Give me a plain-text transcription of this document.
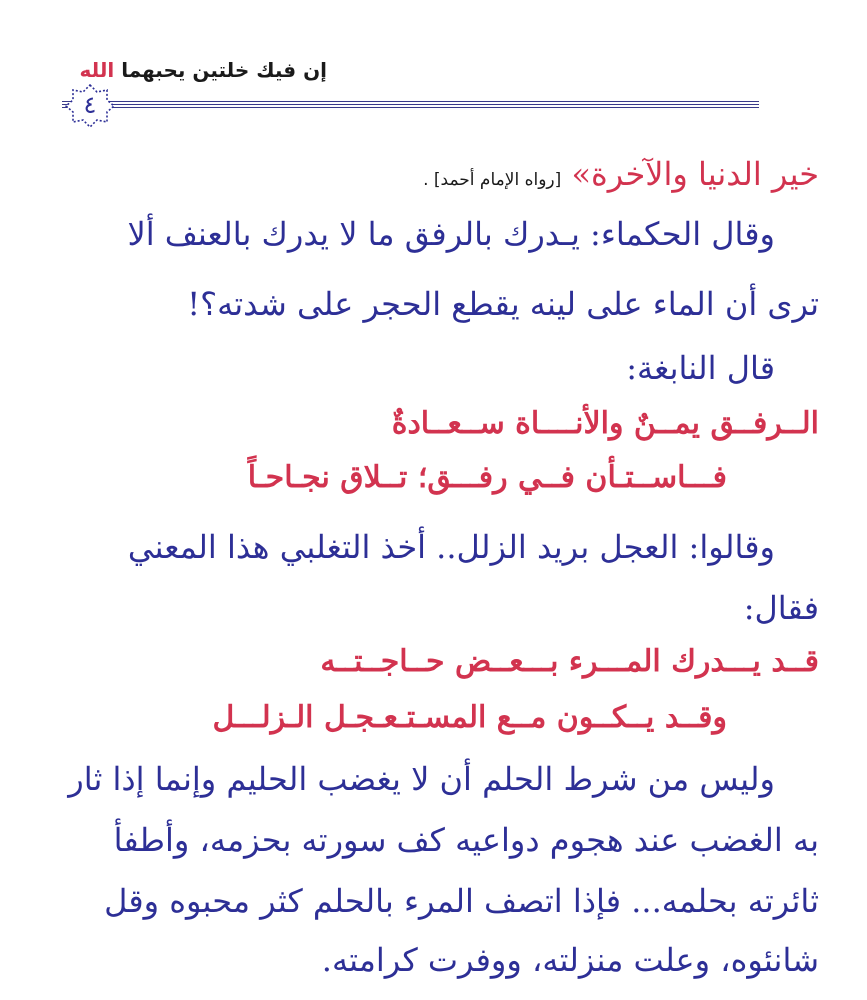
إن فيك خلتين يحبهما الله
٤
خير الدنيا والآخرة» [رواه الإمام أحمد] .
وقال الحكماء: يـدرك بالرفق ما لا يدرك بالعنف ألا
ترى أن الماء على لينه يقطع الحجر على شدته؟!
قال النابغة:
الــرفــق يمــنٌ والأنــــاة ســعــادةٌ
فـــاســتـأن فــي رفـــق؛ تــلاق نجـاحـاً
وقالوا: العجل بريد الزلل.. أخذ التغلبي هذا المعني
فقال:
قــد يـــدرك المـــرء بـــعــض حــاجــتــه
وقــد يــكــون مــع المسـتـعـجـل الـزلـــل
وليس من شرط الحلم أن لا يغضب الحليم وإنما إذا ثار
به الغضب عند هجوم دواعيه كف سورته بحزمه، وأطفأ
ثائرته بحلمه... فإذا اتصف المرء بالحلم كثر محبوه وقل
شانئوه، وعلت منزلته، ووفرت كرامته.
